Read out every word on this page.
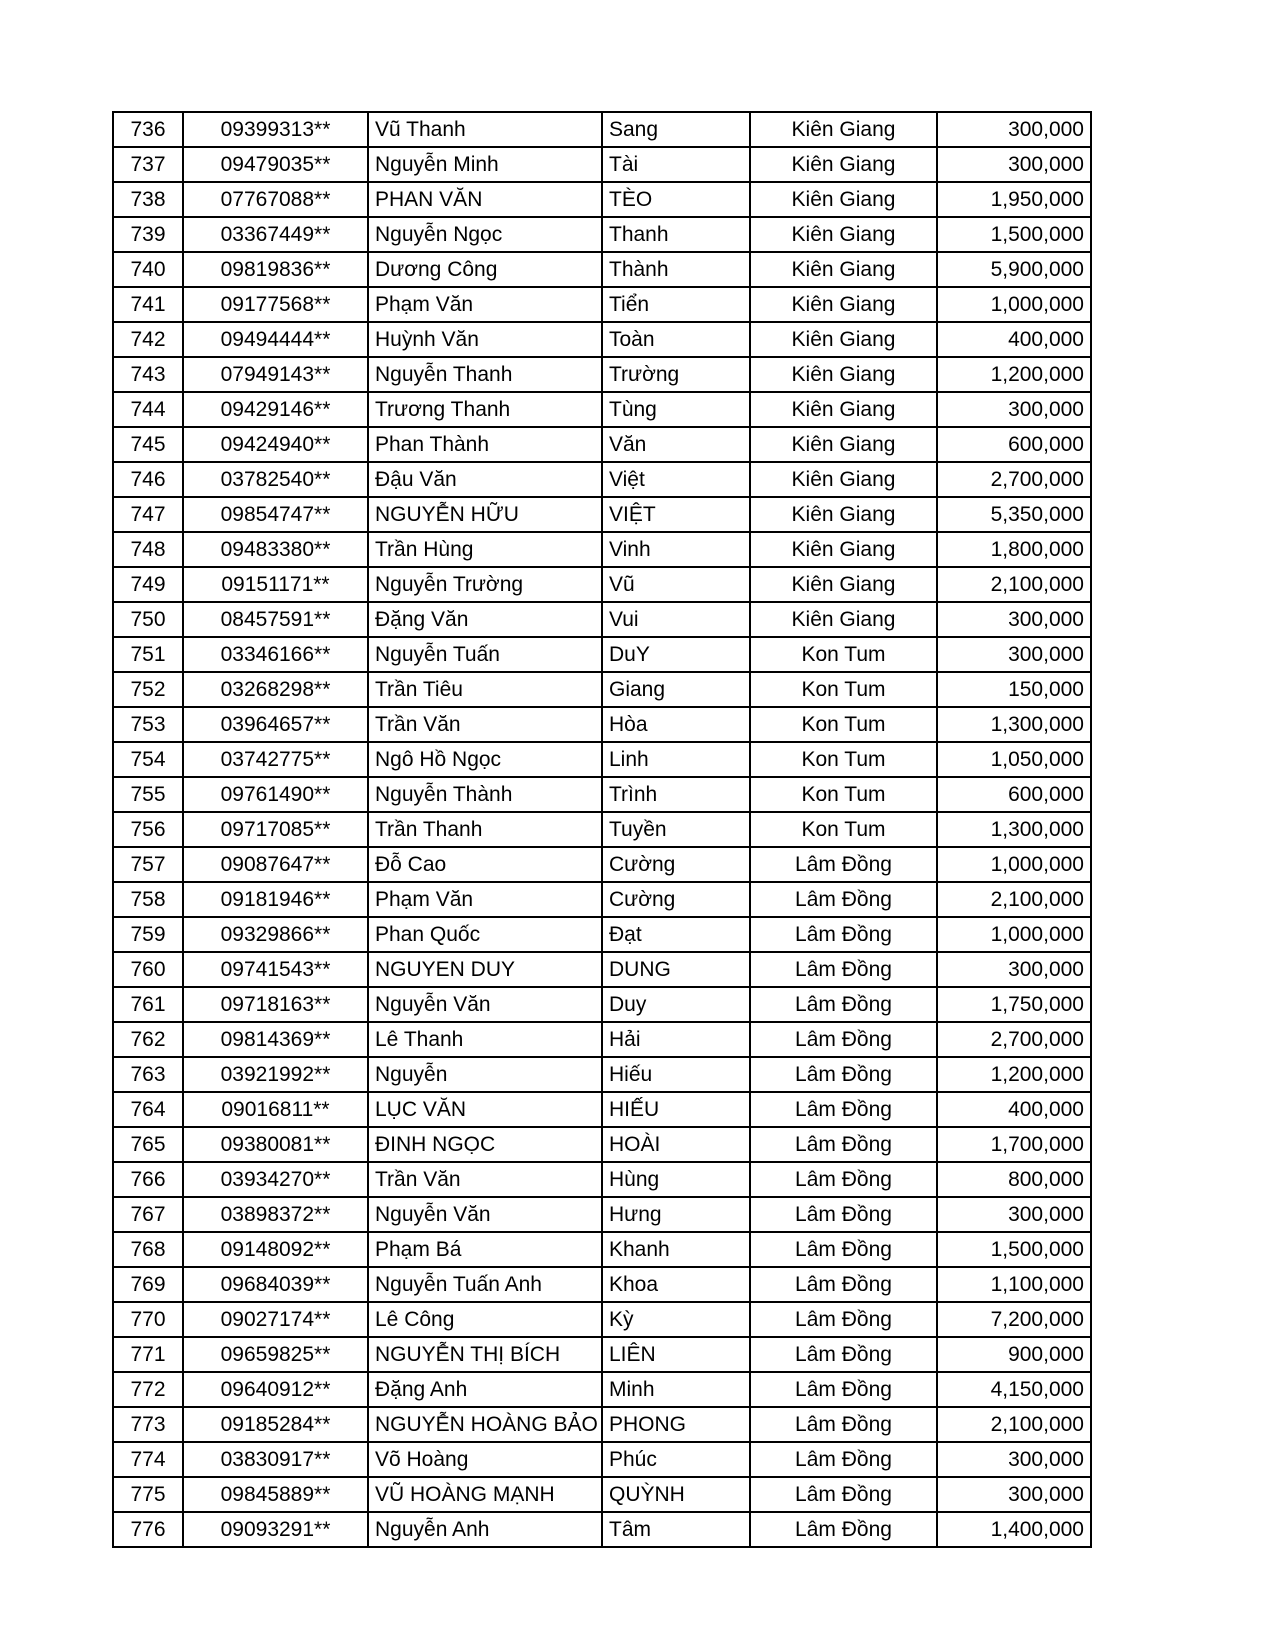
736	09399313**	Vũ Thanh	Sang	Kiên Giang	300,000
737	09479035**	Nguyễn Minh	Tài	Kiên Giang	300,000
738	07767088**	PHAN VĂN	TÈO	Kiên Giang	1,950,000
739	03367449**	Nguyễn Ngọc	Thanh	Kiên Giang	1,500,000
740	09819836**	Dương Công	Thành	Kiên Giang	5,900,000
741	09177568**	Phạm Văn	Tiển	Kiên Giang	1,000,000
742	09494444**	Huỳnh Văn	Toàn	Kiên Giang	400,000
743	07949143**	Nguyễn Thanh	Trường	Kiên Giang	1,200,000
744	09429146**	Trương Thanh	Tùng	Kiên Giang	300,000
745	09424940**	Phan Thành	Văn	Kiên Giang	600,000
746	03782540**	Đậu Văn	Việt	Kiên Giang	2,700,000
747	09854747**	NGUYỄN HỮU	VIỆT	Kiên Giang	5,350,000
748	09483380**	Trần Hùng	Vinh	Kiên Giang	1,800,000
749	09151171**	Nguyễn Trường	Vũ	Kiên Giang	2,100,000
750	08457591**	Đặng Văn	Vui	Kiên Giang	300,000
751	03346166**	Nguyễn Tuấn	DuY	Kon Tum	300,000
752	03268298**	Trần Tiêu	Giang	Kon Tum	150,000
753	03964657**	Trần Văn	Hòa	Kon Tum	1,300,000
754	03742775**	Ngô Hồ Ngọc	Linh	Kon Tum	1,050,000
755	09761490**	Nguyễn Thành	Trình	Kon Tum	600,000
756	09717085**	Trần Thanh	Tuyền	Kon Tum	1,300,000
757	09087647**	Đỗ Cao	Cường	Lâm Đồng	1,000,000
758	09181946**	Phạm Văn	Cường	Lâm Đồng	2,100,000
759	09329866**	Phan Quốc	Đạt	Lâm Đồng	1,000,000
760	09741543**	NGUYEN DUY	DUNG	Lâm Đồng	300,000
761	09718163**	Nguyễn Văn	Duy	Lâm Đồng	1,750,000
762	09814369**	Lê Thanh	Hải	Lâm Đồng	2,700,000
763	03921992**	Nguyễn	Hiếu	Lâm Đồng	1,200,000
764	09016811**	LỤC VĂN	HIẾU	Lâm Đồng	400,000
765	09380081**	ĐINH NGỌC	HOÀI	Lâm Đồng	1,700,000
766	03934270**	Trần Văn	Hùng	Lâm Đồng	800,000
767	03898372**	Nguyễn Văn	Hưng	Lâm Đồng	300,000
768	09148092**	Phạm Bá	Khanh	Lâm Đồng	1,500,000
769	09684039**	Nguyễn Tuấn Anh	Khoa	Lâm Đồng	1,100,000
770	09027174**	Lê Công	Kỳ	Lâm Đồng	7,200,000
771	09659825**	NGUYỄN THỊ BÍCH	LIÊN	Lâm Đồng	900,000
772	09640912**	Đặng Anh	Minh	Lâm Đồng	4,150,000
773	09185284**	NGUYỄN HOÀNG BẢO	PHONG	Lâm Đồng	2,100,000
774	03830917**	Võ Hoàng	Phúc	Lâm Đồng	300,000
775	09845889**	VŨ HOÀNG MẠNH	QUỲNH	Lâm Đồng	300,000
776	09093291**	Nguyễn Anh	Tâm	Lâm Đồng	1,400,000
